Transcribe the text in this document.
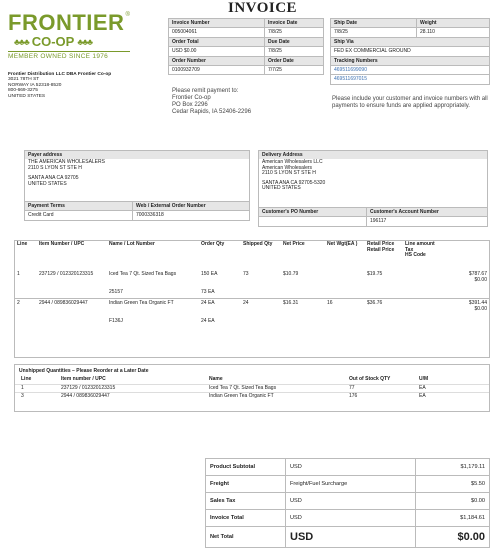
INVOICE
FRONTIER ®
♣♣♣ CO-OP ♣♣♣
MEMBER OWNED SINCE 1976
Frontier Distribution LLC DBA Frontier Co-op
3021 78TH ST
NORWAY IA 52318-8520
800-669-3275
UNITED STATES
Invoice Number	Invoice Date
005004061	7/8/25
Order Total	Due Date
USD $0.00	7/8/25
Order Number	Order Date
0100932709	7/7/25
Ship Date	Weight
7/8/25	28.110
Ship Via	
FED EX COMMERCIAL GROUND	
Tracking Numbers	
469511699090	
469511697015	
Please remit payment to:
Frontier Co-op
PO Box 2296
Cedar Rapids, IA 52406-2296
Please include your customer and invoice numbers with all payments to ensure funds are applied appropriately.
Payer address
THE AMERICAN WHOLESALERS
2110 S LYON ST STE H
SANTA ANA CA 92705
UNITED STATES
Payment Terms	Web / External Order Number
Credit Card	7000336318
Delivery Address
American Wholesalers LLC
American Wholesalers
2110 S LYON ST STE H
SANTA ANA CA 92705-5320
UNITED STATES
Customer's PO Number	Customer's Account Number
	196117
Line	Item Number / UPC	Name / Lot Number	Order Qty	Shipped Qty	Net Price	Net Wgt(EA )	Retail Price Retail Price	Line amount
Tax
HS Code

1	237129 / 012320123315	Iced Tea 7 Qt. Sized Tea Bags	150 EA	73	$10.79		$19.75	$787.67
$0.00

		25157	73 EA					

2	2944 / 089836029447	Indian Green Tea Organic FT	24 EA	24	$16.31	16	$36.76	$391.44
$0.00

		F136J	24 EA					
Unshipped Quantities – Please Reorder at a Later Date
Line	Item number / UPC	Name	Out of Stock QTY	U/M
1	237129 / 012320123315	Iced Tea 7 Qt. Sized Tea Bags	77	EA
3	2944 / 089836029447	Indian Green Tea Organic FT	176	EA
Product Subtotal	USD	$1,179.11
Freight	Freight/Fuel Surcharge	$5.50
Sales Tax	USD	$0.00
Invoice Total	USD	$1,184.61
Net Total	USD	$0.00
